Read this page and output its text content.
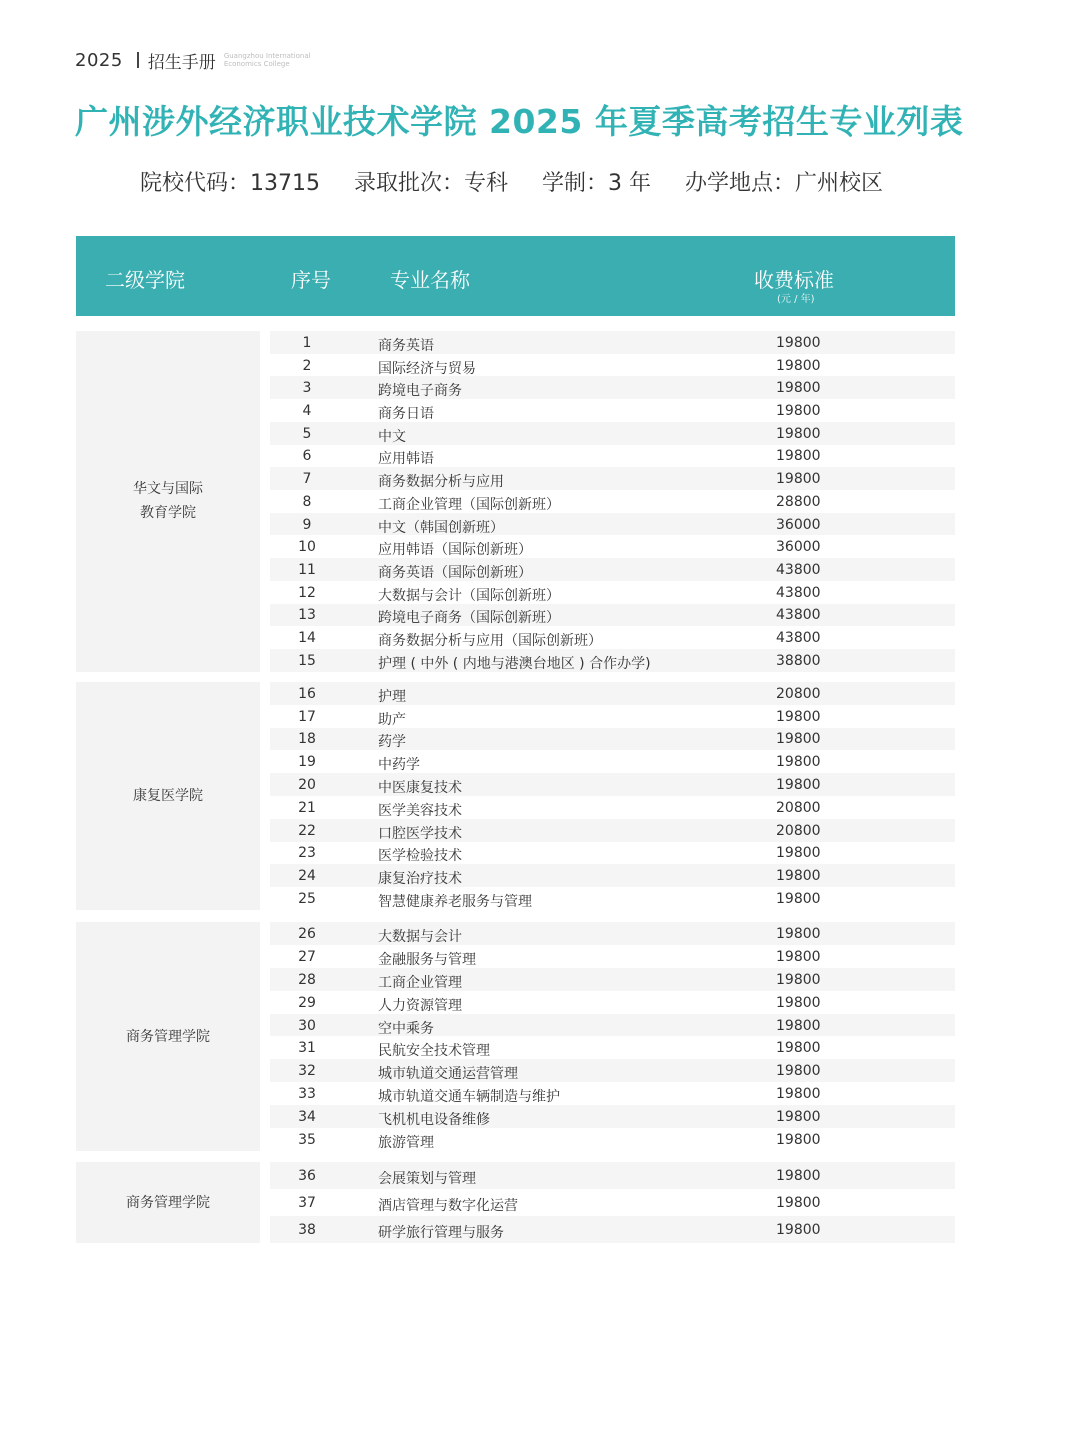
2025 招生手册 Guangzhou International
Economics College
广州涉外经济职业技术学院 2025 年夏季高考招生专业列表
院校代码：13715 录取批次：专科 学制：3 年 办学地点：广州校区
二级学院	序号	专业名称	收费标准
(元 / 年)
华文与国际
教育学院
1	商务英语	19800
2	国际经济与贸易	19800
3	跨境电子商务	19800
4	商务日语	19800
5	中文	19800
6	应用韩语	19800
7	商务数据分析与应用	19800
8	工商企业管理（国际创新班）	28800
9	中文（韩国创新班）	36000
10	应用韩语（国际创新班）	36000
11	商务英语（国际创新班）	43800
12	大数据与会计（国际创新班）	43800
13	跨境电子商务（国际创新班）	43800
14	商务数据分析与应用（国际创新班）	43800
15	护理 ( 中外 ( 内地与港澳台地区 ) 合作办学)	38800
康复医学院
16	护理	20800
17	助产	19800
18	药学	19800
19	中药学	19800
20	中医康复技术	19800
21	医学美容技术	20800
22	口腔医学技术	20800
23	医学检验技术	19800
24	康复治疗技术	19800
25	智慧健康养老服务与管理	19800
商务管理学院
26	大数据与会计	19800
27	金融服务与管理	19800
28	工商企业管理	19800
29	人力资源管理	19800
30	空中乘务	19800
31	民航安全技术管理	19800
32	城市轨道交通运营管理	19800
33	城市轨道交通车辆制造与维护	19800
34	飞机机电设备维修	19800
35	旅游管理	19800
商务管理学院
36	会展策划与管理	19800
37	酒店管理与数字化运营	19800
38	研学旅行管理与服务	19800
